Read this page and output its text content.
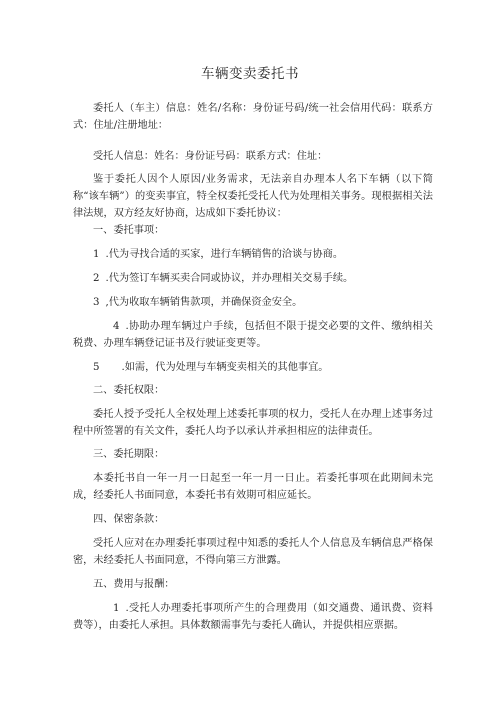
车辆变卖委托书
委托人（车主）信息：姓名/名称：身份证号码/统一社会信用代码：联系方式：住址/注册地址：
受托人信息：姓名：身份证号码：联系方式：住址：
鉴于委托人因个人原因/业务需求，无法亲自办理本人名下车辆（以下简称“该车辆”）的变卖事宜，特全权委托受托人代为处理相关事务。现根据相关法律法规，双方经友好协商，达成如下委托协议：
一、委托事项：
1 .代为寻找合适的买家，进行车辆销售的洽谈与协商。
2 .代为签订车辆买卖合同或协议，并办理相关交易手续。
3 ,代为收取车辆销售款项，并确保资金安全。
4 .协助办理车辆过户手续，包括但不限于提交必要的文件、缴纳相关税费、办理车辆登记证书及行驶证变更等。
5 .如需，代为处理与车辆变卖相关的其他事宜。
二、委托权限：
委托人授予受托人全权处理上述委托事项的权力，受托人在办理上述事务过程中所签署的有关文件，委托人均予以承认并承担相应的法律责任。
三、委托期限：
本委托书自一年一月一日起至一年一月一日止。若委托事项在此期间未完成，经委托人书面同意，本委托书有效期可相应延长。
四、保密条款：
受托人应对在办理委托事项过程中知悉的委托人个人信息及车辆信息严格保密，未经委托人书面同意，不得向第三方泄露。
五、费用与报酬：
1 .受托人办理委托事项所产生的合理费用（如交通费、通讯费、资料费等），由委托人承担。具体数额需事先与委托人确认，并提供相应票据。
